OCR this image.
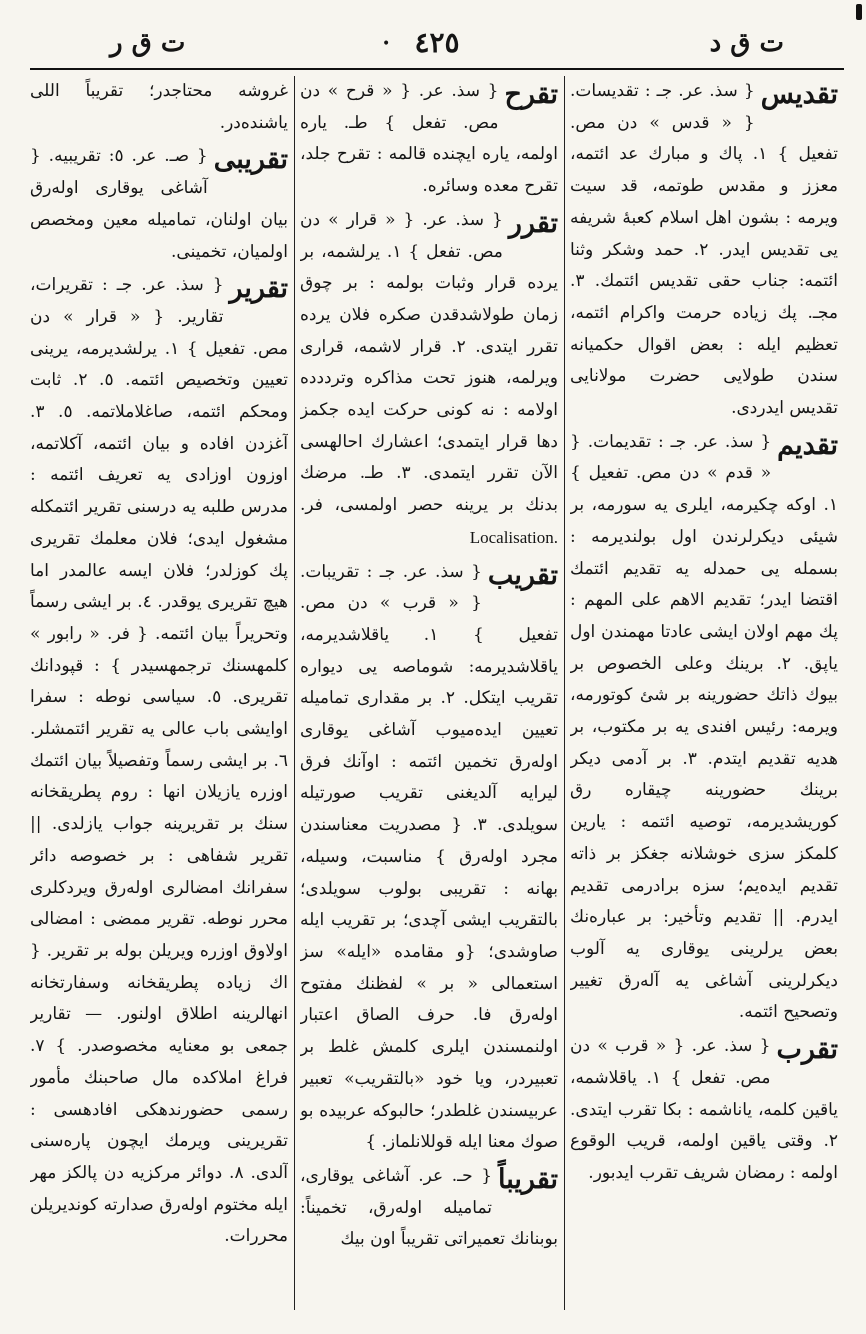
ت ق د
• ٤٢٥
ت ق ر
تقديس
{ سذ. عر. جـ : تقديسات. { « قدس » دن مص. تفعيل } ۱. پاك و مبارك عد ائتمه، معزز و مقدس طوتمه، قد سيت ويرمه : بشون اهل اسلام كعبهٔ شريفه يى تقديس ايدر. ۲. حمد وشكر وثنا ائتمه: جناب حقى تقديس ائتمك. ۳. مجـ. پك زياده حرمت واكرام ائتمه، تعظيم ايله : بعض اقوال حكميانه سندن طولايى حضرت مولانايى تقديس ايدردى.
تقديم
{ سذ. عر. جـ : تقديمات. { « قدم » دن مص. تفعيل } ۱. اوكه چكيرمه، ايلرى يه سورمه، بر شيئى ديكرلرندن اول بولنديرمه : بسمله يى حمدله يه تقديم ائتمك اقتضا ايدر؛ تقديم الاهم على المهم : پك مهم اولان ايشى عادتا مهمندن اول ياپق. ۲. برينك وعلى الخصوص بر بيوك ذاتك حضورينه بر شئ كوتورمه، ويرمه: رئيس افندى يه بر مكتوب، بر هديه تقديم ايتدم. ۳. بر آدمى ديكر برينك حضورينه چيقاره رق كوريشديرمه، توصيه ائتمه : يارين كلمكز سزى خوشلانه جغكز بر ذاته تقديم ايدەيم؛ سزه برادرمى تقديم ايدرم. || تقديم وتأخير: بر عبارەنك بعض يرلرينى يوقارى يه آلوب ديكرلرينى آشاغى يه آلەرق تغيير وتصحيح ائتمه.
تقرب
{ سذ. عر. { « قرب » دن مص. تفعل } ۱. ياقلاشمه، ياقين كلمه، ياناشمه : بكا تقرب ايتدى. ۲. وقتى ياقين اولمه، قريب الوقوع اولمه : رمضان شريف تقرب ايدبور.
تقرح
{ سذ. عر. { « قرح » دن مص. تفعل } طـ. ياره اولمه، ياره ايچنده قالمه : تقرح جلد، تقرح معده وسائره.
تقرر
{ سذ. عر. { « قرار » دن مص. تفعل } ۱. يرلشمه، بر يرده قرار وثبات بولمه : بر چوق زمان طولاشدقدن صكره فلان يرده تقرر ايتدى. ۲. قرار لاشمه، قرارى ويرلمه، هنوز تحت مذاكره وترددده اولامه : نه كونى حركت ايده جكمز دها قرار ايتمدى؛ اعشارك احالهسى الآن تقرر ايتمدى. ۳. طـ. مرضك بدنك بر يرينه حصر اولمسى، فر. Localisation.
تقريب
{ سذ. عر. جـ : تقريبات. { « قرب » دن مص. تفعيل } ۱. ياقلاشديرمه، ياقلاشديرمه: شوماصه يى ديواره تقريب ايتكل. ۲. بر مقدارى تماميله تعيين ايدەميوب آشاغى يوقارى اولەرق تخمين ائتمه : اوآنك فرق ليرايه آلديغنى تقريب صورتيله سويلدى. ۳. { مصدريت معناسندن مجرد اولەرق } مناسبت، وسيله، بهانه : تقريبى بولوب سويلدى؛ بالتقريب ايشى آچدى؛ بر تقريب ايله صاوشدى؛ {و مقامده «ايله» سز استعمالى « بر » لفظنك مفتوح اولەرق فا. حرف الصاق اعتبار اولنمسندن ايلرى كلمش غلط بر تعبيردر، ويا خود «بالتقريب» تعبير عربيسندن غلطدر؛ حالبوكه عربيده بو صوك معنا ايله قوللانلماز. }
تقريباً
{ حـ. عر. آشاغى يوقارى، تماميله اولەرق، تخميناً: بوبنانك تعميراتى تقريباً اون بيك
غروشه محتاجدر؛ تقريباً اللى ياشندەدر.
تقريبى
{ صـ. عر. ٥: تقريبيه. { آشاغى يوقارى اولەرق بيان اولنان، تماميله معين ومخصص اولميان، تخمينى.
تقرير
{ سذ. عر. جـ : تقريرات، تقارير. { « قرار » دن مص. تفعيل } ۱. يرلشديرمه، يرينى تعيين وتخصيص ائتمه. ٥. ۲. ثابت ومحكم ائتمه، صاغلاملاتمه. ٥. ۳. آغزدن افاده و بيان ائتمه، آكلاتمه، اوزون اوزادى يه تعريف ائتمه : مدرس طلبه يه درسنى تقرير ائتمكله مشغول ايدى؛ فلان معلمك تقريرى پك كوزلدر؛ فلان ايسه عالمدر اما هيچ تقريرى يوقدر. ٤. بر ايشى رسماً وتحريراً بيان ائتمه. { فر. « رابور » كلمهسنك ترجمهسيدر } : قپودانك تقريرى. ٥. سياسى نوطه : سفرا اوايشى باب عالى يه تقرير ائتمشلر. ٦. بر ايشى رسماً وتفصيلاً بيان ائتمك اوزره يازيلان انها : روم پطريقخانه سنك بر تقريرينه جواب يازلدى. || تقرير شفاهى : بر خصوصه دائر سفرانك امضالرى اولەرق ويردكلرى محرر نوطه. تقرير ممضى : امضالى اولاوق اوزره ويريلن بوله بر تقرير. { اك زياده پطريقخانه وسفارتخانه انهالرينه اطلاق اولنور. — تقارير جمعى بو معنايه مخصوصدر. } ۷. فراغ املاكده مال صاحبنك مأمور رسمى حضورندهكى افادهسى : تقريرينى ويرمك ايچون پارەسنى آلدى. ۸. دوائر مركزيه دن پالكز مهر ايله مختوم اولەرق صدارته كونديريلن محررات.
